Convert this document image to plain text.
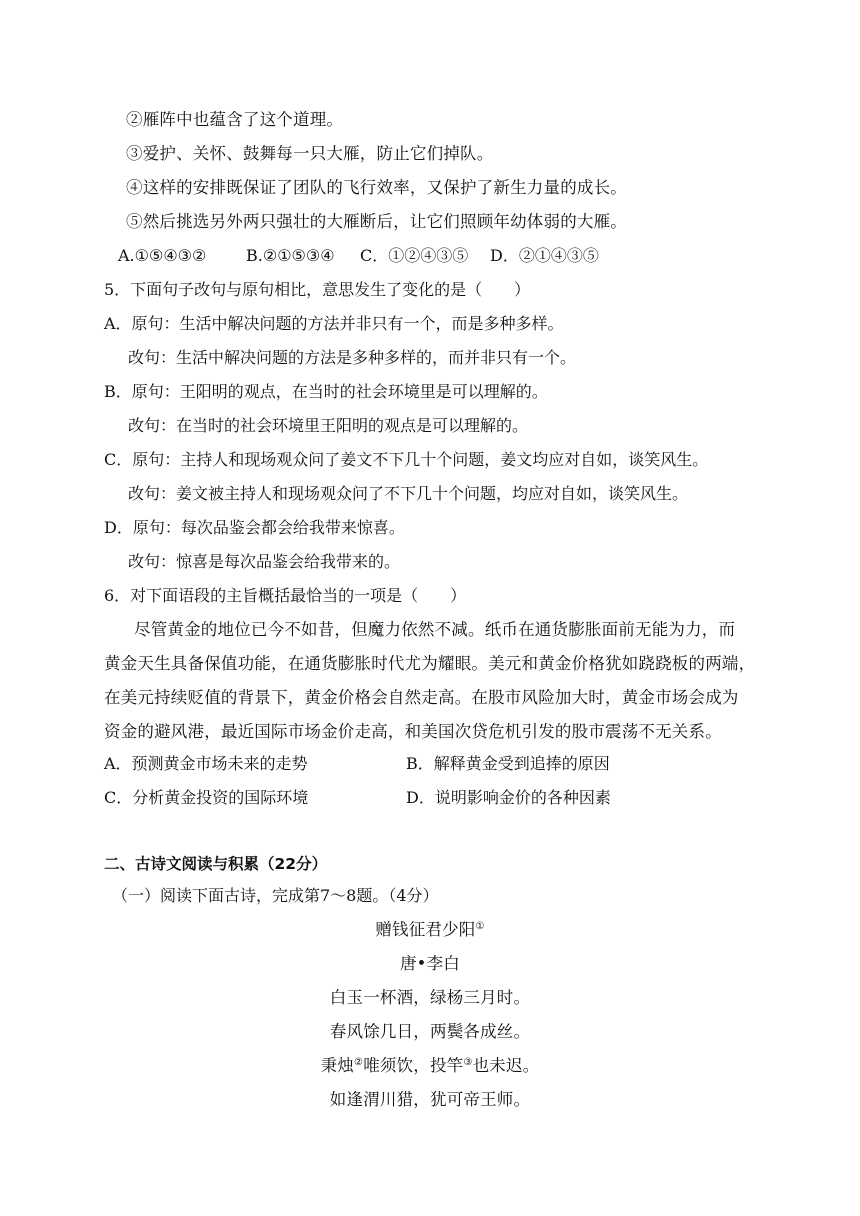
②雁阵中也蕴含了这个道理。
③爱护、关怀、鼓舞每一只大雁，防止它们掉队。
④这样的安排既保证了团队的飞行效率，又保护了新生力量的成长。
⑤然后挑选另外两只强壮的大雁断后，让它们照顾年幼体弱的大雁。
A.①⑤④③② B.②①⑤③④ C．①②④③⑤ D．②①④③⑤
5．下面句子改句与原句相比，意思发生了变化的是（　　）
A．原句：生活中解决问题的方法并非只有一个，而是多种多样。
改句：生活中解决问题的方法是多种多样的，而并非只有一个。
B．原句：王阳明的观点，在当时的社会环境里是可以理解的。
改句：在当时的社会环境里王阳明的观点是可以理解的。
C．原句：主持人和现场观众问了姜文不下几十个问题，姜文均应对自如，谈笑风生。
改句：姜文被主持人和现场观众问了不下几十个问题，均应对自如，谈笑风生。
D．原句：每次品鉴会都会给我带来惊喜。
改句：惊喜是每次品鉴会给我带来的。
6．对下面语段的主旨概括最恰当的一项是（　　）
尽管黄金的地位已今不如昔，但魔力依然不减。纸币在通货膨胀面前无能为力，而
黄金天生具备保值功能，在通货膨胀时代尤为耀眼。美元和黄金价格犹如跷跷板的两端，
在美元持续贬值的背景下，黄金价格会自然走高。在股市风险加大时，黄金市场会成为
资金的避风港，最近国际市场金价走高，和美国次贷危机引发的股市震荡不无关系。
A．预测黄金市场未来的走势	B．解释黄金受到追捧的原因
C．分析黄金投资的国际环境	D．说明影响金价的各种因素
二、古诗文阅读与积累（22分）
（一）阅读下面古诗，完成第7～8题。（4分）
赠钱征君少阳①
唐•李白
白玉一杯酒，绿杨三月时。
春风馀几日，两鬓各成丝。
秉烛②唯须饮，投竿③也未迟。
如逢渭川猎，犹可帝王师。
